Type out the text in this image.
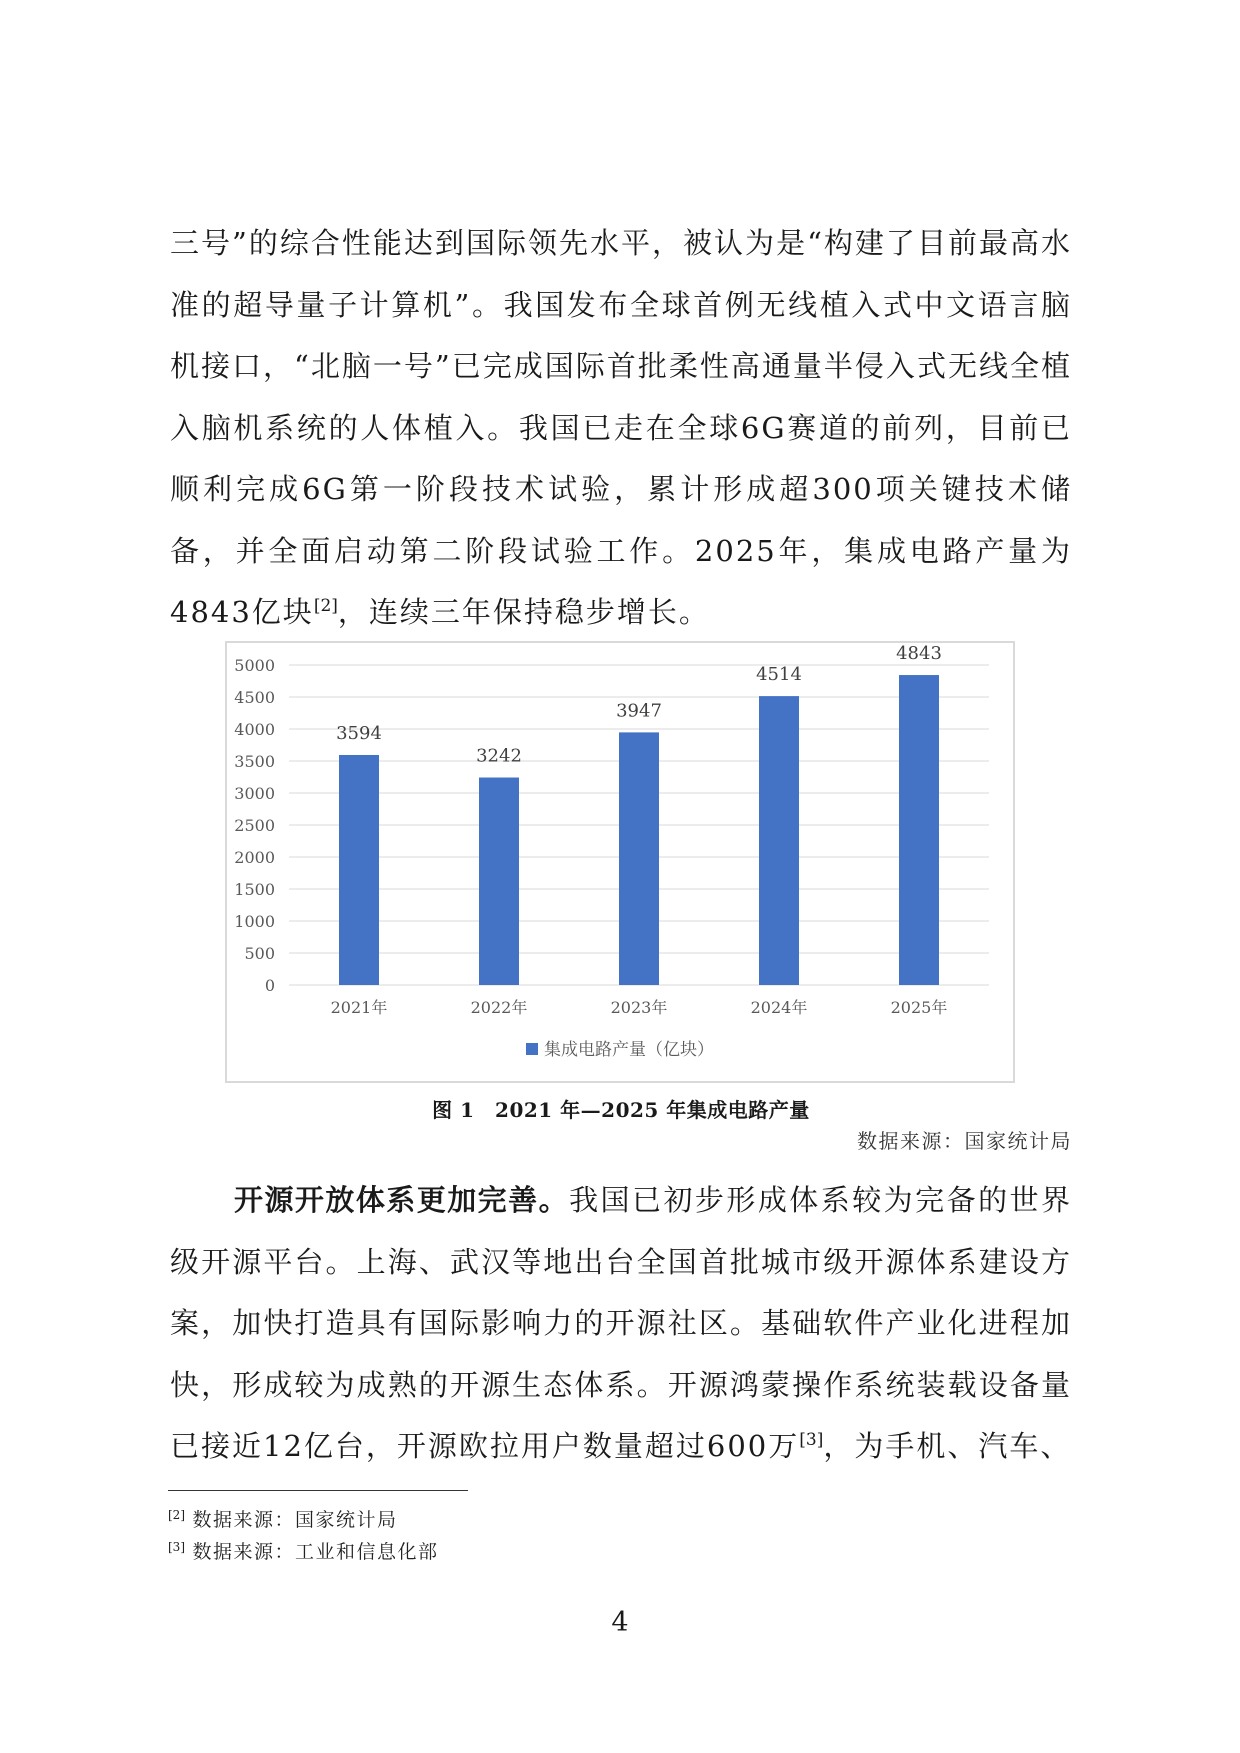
三号”的综合性能达到国际领先水平，被认为是“构建了目前最高水准的超导量子计算机”。我国发布全球首例无线植入式中文语言脑机接口，“北脑一号”已完成国际首批柔性高通量半侵入式无线全植入脑机系统的人体植入。我国已走在全球6G赛道的前列，目前已顺利完成6G第一阶段技术试验，累计形成超300项关键技术储备，并全面启动第二阶段试验工作。2025年，集成电路产量为4843亿块[2]，连续三年保持稳步增长。

0
500
1000
1500
2000
2500
3000
3500
4000
4500
5000
3594
2021年
3242
2022年
3947
2023年
4514
2024年
4843
2025年
集成电路产量（亿块）
图 1　2021 年—2025 年集成电路产量
数据来源：国家统计局

开源开放体系更加完善。我国已初步形成体系较为完备的世界级开源平台。上海、武汉等地出台全国首批城市级开源体系建设方案，加快打造具有国际影响力的开源社区。基础软件产业化进程加快，形成较为成熟的开源生态体系。开源鸿蒙操作系统装载设备量已接近12亿台，开源欧拉用户数量超过600万[3]，为手机、汽车、

[2] 数据来源：国家统计局
[3] 数据来源：工业和信息化部
4
